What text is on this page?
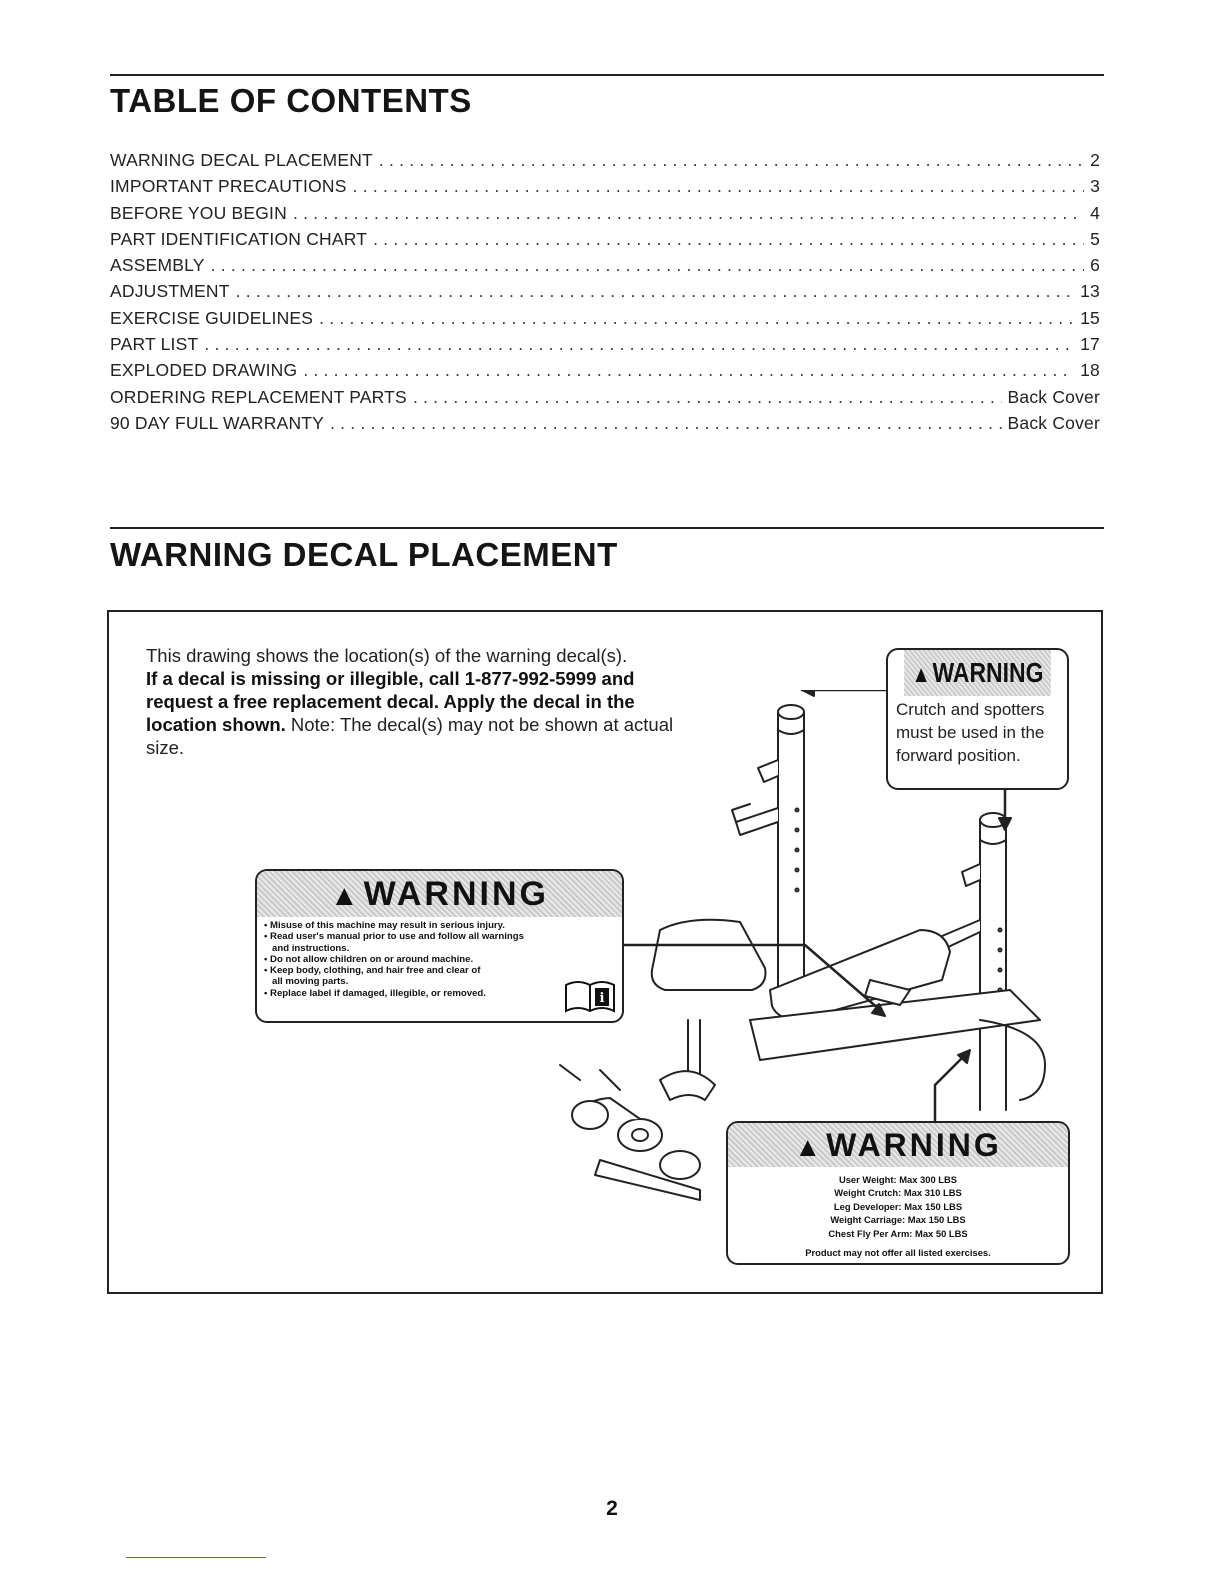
TABLE OF CONTENTS
WARNING DECAL PLACEMENT . . .	2
IMPORTANT PRECAUTIONS . . .	3
BEFORE YOU BEGIN . . .	4
PART IDENTIFICATION CHART . . .	5
ASSEMBLY . . .	6
ADJUSTMENT . . .	13
EXERCISE GUIDELINES . . .	15
PART LIST . . .	17
EXPLODED DRAWING . . .	18
ORDERING REPLACEMENT PARTS . . .	Back Cover
90 DAY FULL WARRANTY . . .	Back Cover
WARNING DECAL PLACEMENT
This drawing shows the location(s) of the warning decal(s).
If a decal is missing or illegible, call 1-877-992-5999 and request a free replacement decal. Apply the decal in the location shown. Note: The decal(s) may not be shown at actual size.
▲WARNING
Crutch and spotters must be used in the forward position.
▲WARNING
• Misuse of this machine may result in serious injury.
• Read user's manual prior to use and follow all warnings
and instructions.
• Do not allow children on or around machine.
• Keep body, clothing, and hair free and clear of
all moving parts.
• Replace label if damaged, illegible, or removed.	i
▲WARNING
User Weight: Max 300 LBS
Weight Crutch: Max 310 LBS
Leg Developer: Max 150 LBS
Weight Carriage: Max 150 LBS
Chest Fly Per Arm: Max 50 LBS
Product may not offer all listed exercises.
2
